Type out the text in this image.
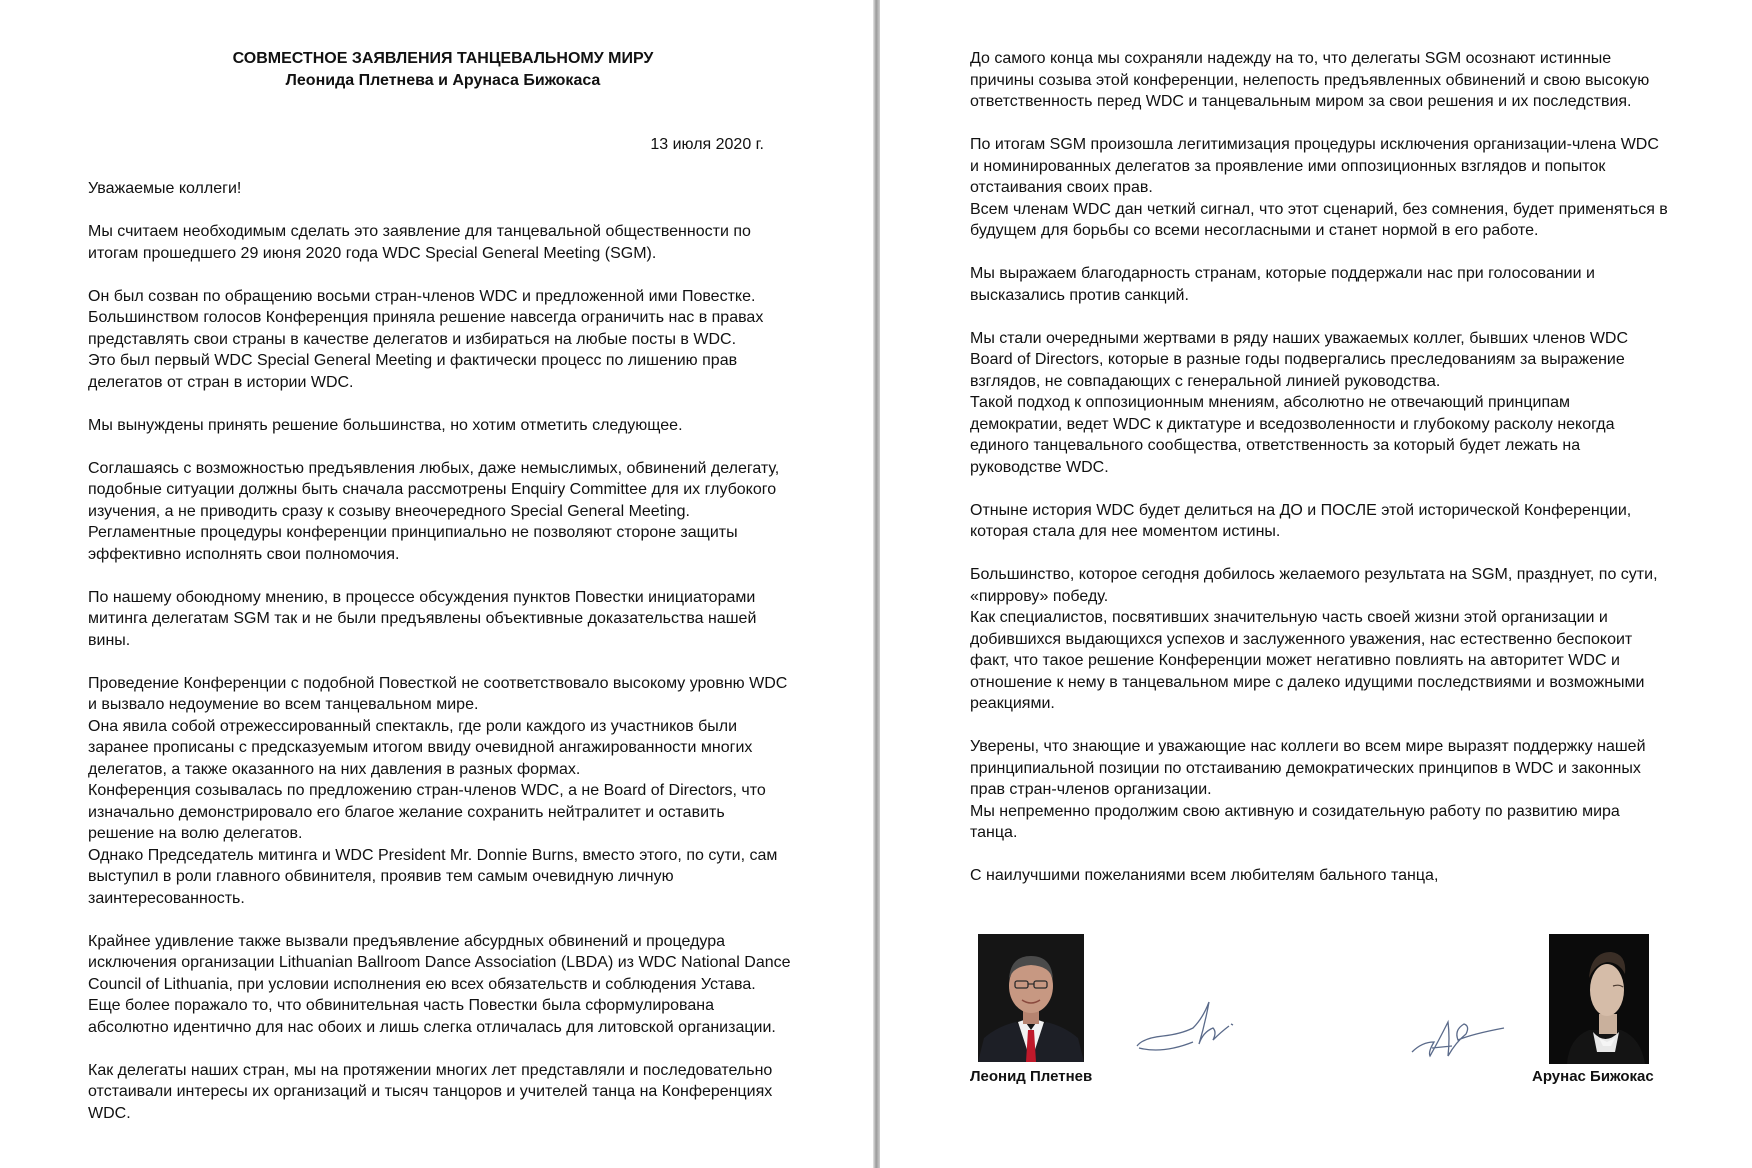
СОВМЕСТНОЕ ЗАЯВЛЕНИЯ ТАНЦЕВАЛЬНОМУ МИРУ
Леонида Плетнева и Арунаса Бижокаса
13 июля 2020 г.

Уважаемые коллеги!

Мы считаем необходимым сделать это заявление для танцевальной общественности по
итогам прошедшего 29 июня 2020 года WDC Special General Meeting (SGM).

Он был созван по обращению восьми стран-членов WDC и предложенной ими Повестке.
Большинством голосов Конференция приняла решение навсегда ограничить нас в правах
представлять свои страны в качестве делегатов и избираться на любые посты в WDC.
Это был первый WDC Special General Meeting и фактически процесс по лишению прав
делегатов от стран в истории WDC.

Мы вынуждены принять решение большинства, но хотим отметить следующее.

Соглашаясь с возможностью предъявления любых, даже немыслимых, обвинений делегату,
подобные ситуации должны быть сначала рассмотрены Enquiry Committee для их глубокого
изучения, а не приводить сразу к созыву внеочередного Special General Meeting.
Регламентные процедуры конференции принципиально не позволяют стороне защиты
эффективно исполнять свои полномочия.

По нашему обоюдному мнению, в процессе обсуждения пунктов Повестки инициаторами
митинга делегатам SGM так и не были предъявлены объективные доказательства нашей
вины.

Проведение Конференции с подобной Повесткой не соответствовало высокому уровню WDC
и вызвало недоумение во всем танцевальном мире.
Она явила собой отрежессированный спектакль, где роли каждого из участников были
заранее прописаны с предсказуемым итогом ввиду очевидной ангажированности многих
делегатов, а также оказанного на них давления в разных формах.
Конференция созывалась по предложению стран-членов WDC, а не Board of Directors, что
изначально демонстрировало его благое желание сохранить нейтралитет и оставить
решение на волю делегатов.
Однако Председатель митинга и WDC President Mr. Donnie Burns, вместо этого, по сути, сам
выступил в роли главного обвинителя, проявив тем самым очевидную личную
заинтересованность.

Крайнее удивление также вызвали предъявление абсурдных обвинений и процедура
исключения организации Lithuanian Ballroom Dance Association (LBDA) из WDC National Dance
Council of Lithuania, при условии исполнения ею всех обязательств и соблюдения Устава.
Еще более поражало то, что обвинительная часть Повестки была сформулирована
абсолютно идентично для нас обоих и лишь слегка отличалась для литовской организации.

Как делегаты наших стран, мы на протяжении многих лет представляли и последовательно
отстаивали интересы их организаций и тысяч танцоров и учителей танца на Конференциях
WDC.

До самого конца мы сохраняли надежду на то, что делегаты SGM осознают истинные
причины созыва этой конференции, нелепость предъявленных обвинений и свою высокую
ответственность перед WDC и танцевальным миром за свои решения и их последствия.

По итогам SGM произошла легитимизация процедуры исключения организации-члена WDC
и номинированных делегатов за проявление ими оппозиционных взглядов и попыток
отстаивания своих прав.
Всем членам WDC дан четкий сигнал, что этот сценарий, без сомнения, будет применяться в
будущем для борьбы со всеми несогласными и станет нормой в его работе.

Мы выражаем благодарность странам, которые поддержали нас при голосовании и
высказались против санкций.

Мы стали очередными жертвами в ряду наших уважаемых коллег, бывших членов WDC
Board of Directors, которые в разные годы подвергались преследованиям за выражение
взглядов, не совпадающих с генеральной линией руководства.
Такой подход к оппозиционным мнениям, абсолютно не отвечающий принципам
демократии, ведет WDC к диктатуре и вседозволенности и глубокому расколу некогда
единого танцевального сообщества, ответственность за который будет лежать на
руководстве WDC.

Отныне история WDC будет делиться на ДО и ПОСЛЕ этой исторической Конференции,
которая стала для нее моментом истины.

Большинство, которое сегодня добилось желаемого результата на SGM, празднует, по сути,
«пиррову» победу.
Как специалистов, посвятивших значительную часть своей жизни этой организации и
добившихся выдающихся успехов и заслуженного уважения, нас естественно беспокоит
факт, что такое решение Конференции может негативно повлиять на авторитет WDC и
отношение к нему в танцевальном мире с далеко идущими последствиями и возможными
реакциями.

Уверены, что знающие и уважающие нас коллеги во всем мире выразят поддержку нашей
принципиальной позиции по отстаиванию демократических принципов в WDC и законных
прав стран-членов организации.
Мы непременно продолжим свою активную и созидательную работу по развитию мира
танца.

С наилучшими пожеланиями всем любителям бального танца,

Леонид Плетнев	Арунас Бижокас
